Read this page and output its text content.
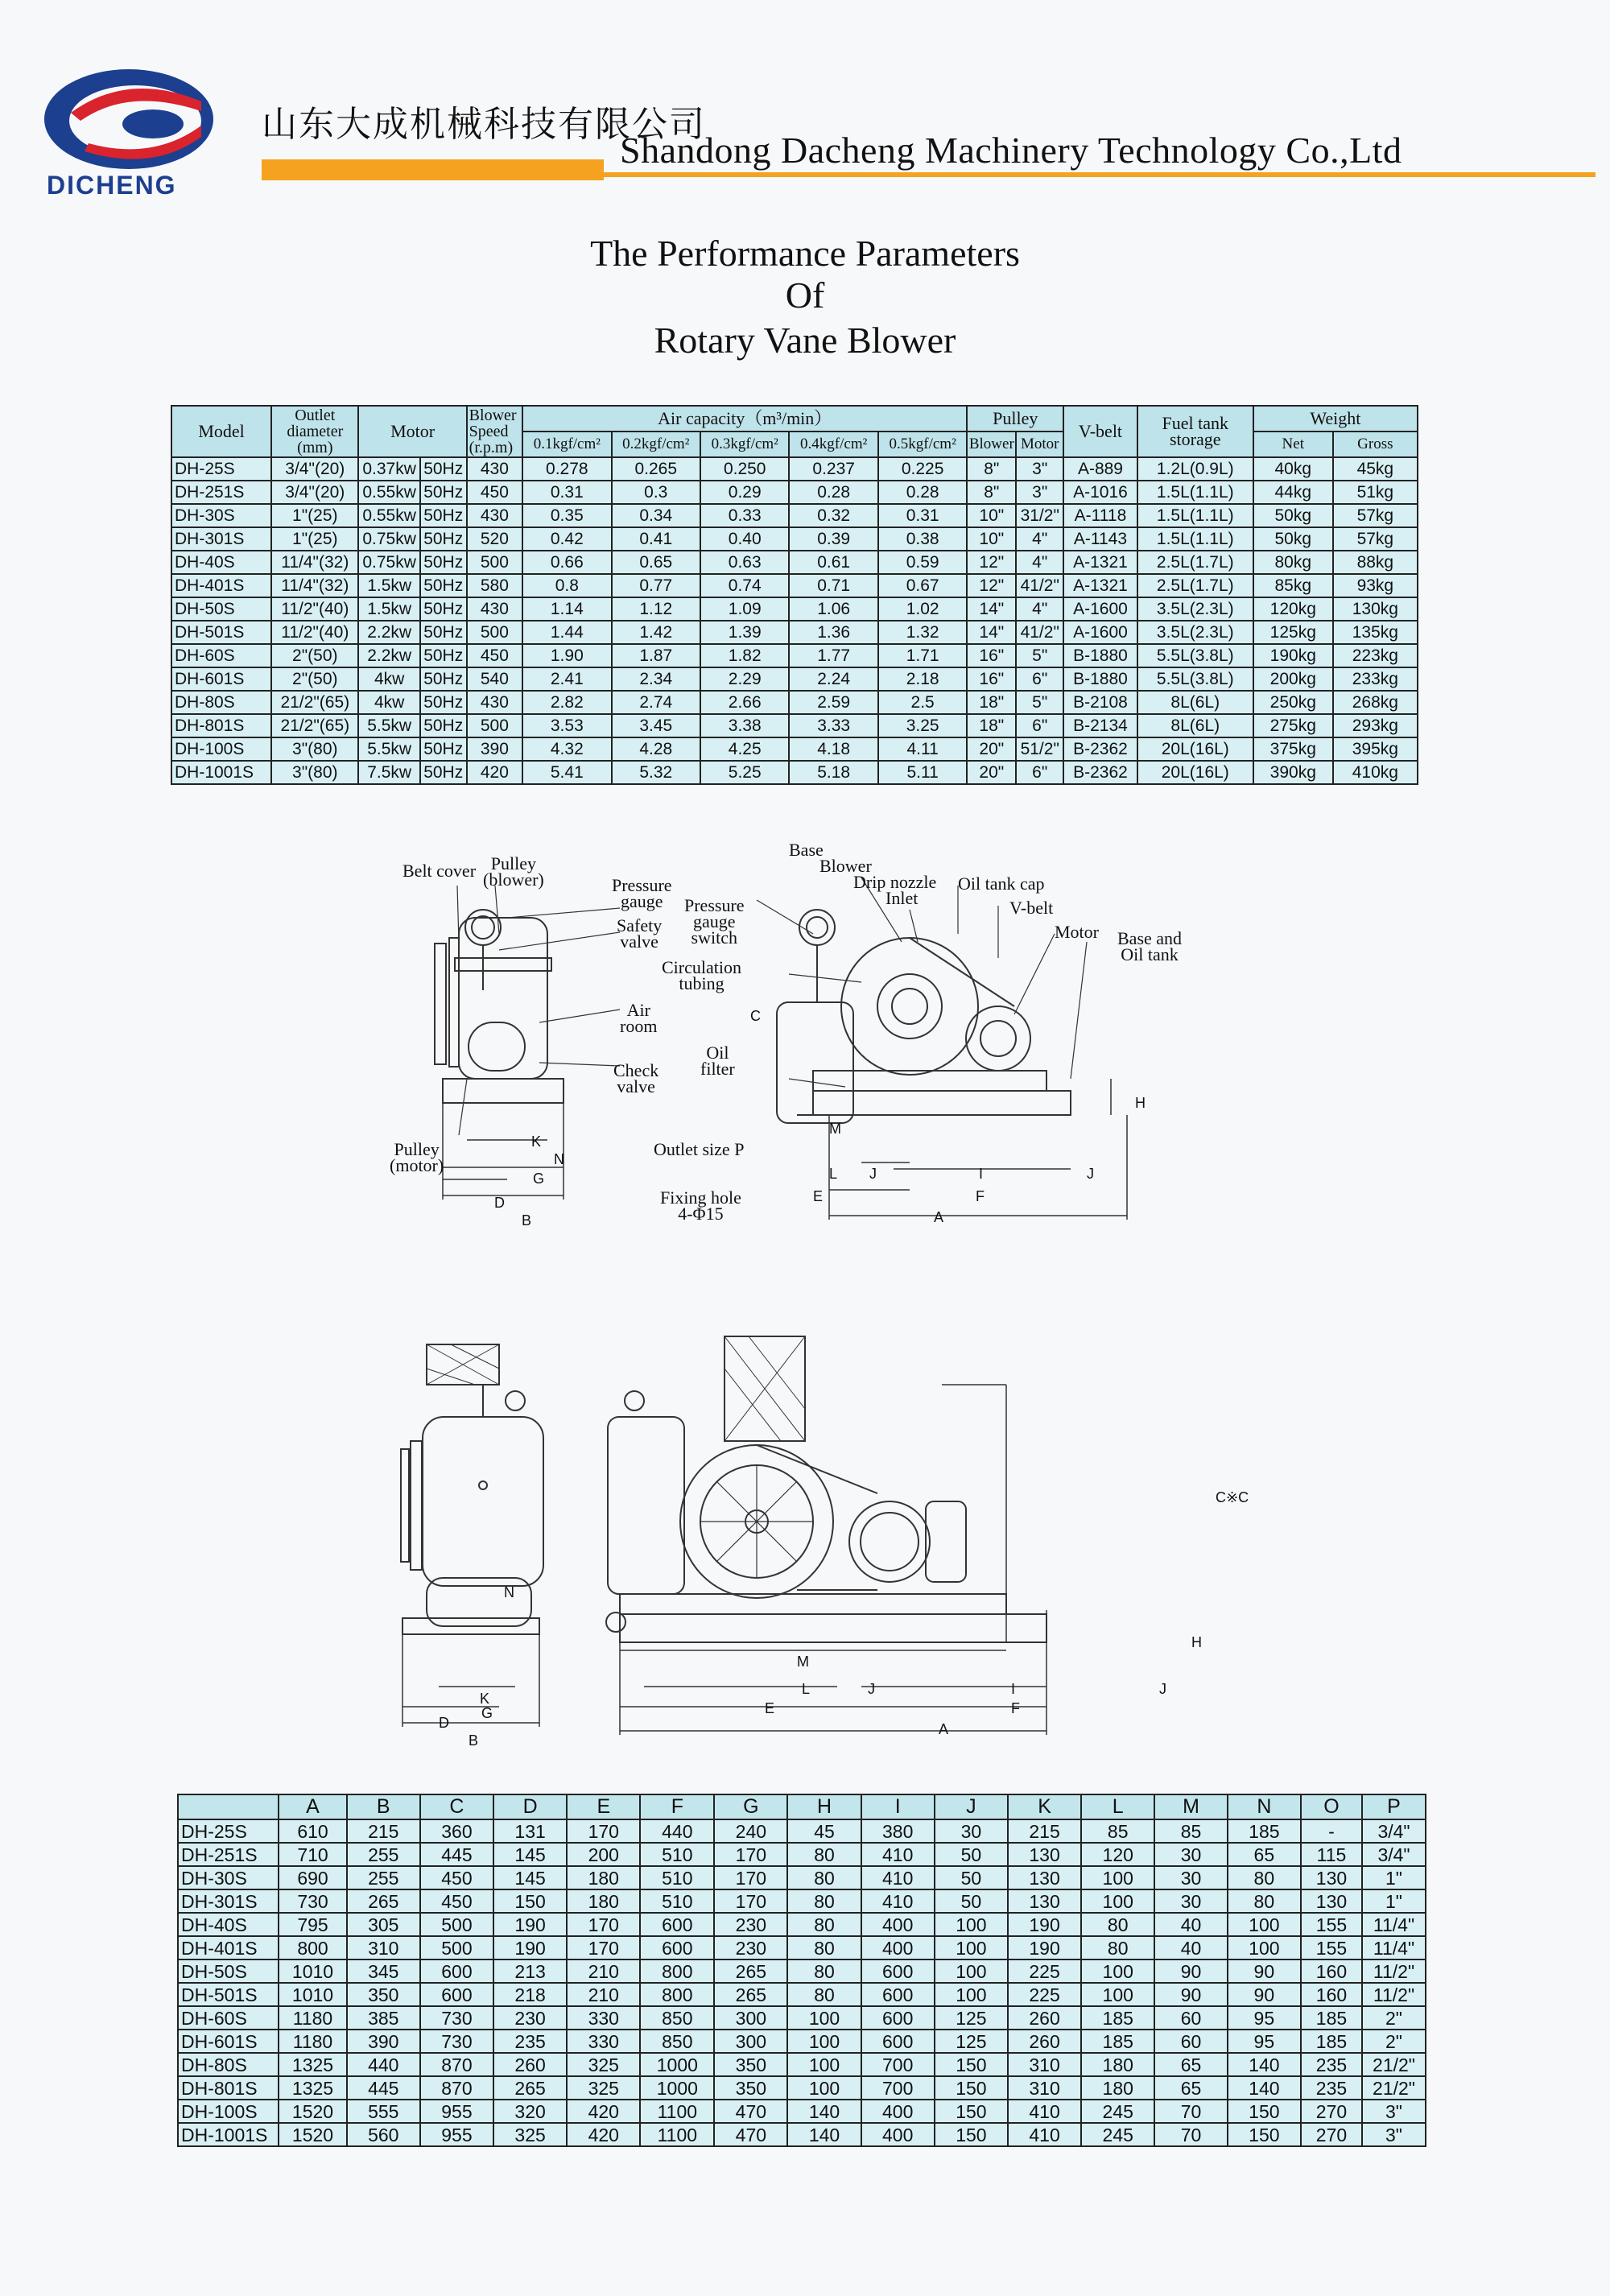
DICHENG
山东大成机械科技有限公司
Shandong Dacheng Machinery Technology Co.,Ltd
The Performance Parameters
Of
Rotary Vane Blower
Model	Outlet
diameter
(mm)	Motor		Blower
Speed
(r.p.m)	Air capacity（m³/min）					Pulley		V-belt	Fuel tank
storage	Weight	
					0.1kgf/cm²	0.2kgf/cm²	0.3kgf/cm²	0.4kgf/cm²	0.5kgf/cm²	Blower	Motor			Net	Gross
DH-25S	3/4"(20)	0.37kw	50Hz	430	0.278	0.265	0.250	0.237	0.225	8"	3"	A-889	1.2L(0.9L)	40kg	45kg
DH-251S	3/4"(20)	0.55kw	50Hz	450	0.31	0.3	0.29	0.28	0.28	8"	3"	A-1016	1.5L(1.1L)	44kg	51kg
DH-30S	1"(25)	0.55kw	50Hz	430	0.35	0.34	0.33	0.32	0.31	10"	31/2"	A-1118	1.5L(1.1L)	50kg	57kg
DH-301S	1"(25)	0.75kw	50Hz	520	0.42	0.41	0.40	0.39	0.38	10"	4"	A-1143	1.5L(1.1L)	50kg	57kg
DH-40S	11/4"(32)	0.75kw	50Hz	500	0.66	0.65	0.63	0.61	0.59	12"	4"	A-1321	2.5L(1.7L)	80kg	88kg
DH-401S	11/4"(32)	1.5kw	50Hz	580	0.8	0.77	0.74	0.71	0.67	12"	41/2"	A-1321	2.5L(1.7L)	85kg	93kg
DH-50S	11/2"(40)	1.5kw	50Hz	430	1.14	1.12	1.09	1.06	1.02	14"	4"	A-1600	3.5L(2.3L)	120kg	130kg
DH-501S	11/2"(40)	2.2kw	50Hz	500	1.44	1.42	1.39	1.36	1.32	14"	41/2"	A-1600	3.5L(2.3L)	125kg	135kg
DH-60S	2"(50)	2.2kw	50Hz	450	1.90	1.87	1.82	1.77	1.71	16"	5"	B-1880	5.5L(3.8L)	190kg	223kg
DH-601S	2"(50)	4kw	50Hz	540	2.41	2.34	2.29	2.24	2.18	16"	6"	B-1880	5.5L(3.8L)	200kg	233kg
DH-80S	21/2"(65)	4kw	50Hz	430	2.82	2.74	2.66	2.59	2.5	18"	5"	B-2108	8L(6L)	250kg	268kg
DH-801S	21/2"(65)	5.5kw	50Hz	500	3.53	3.45	3.38	3.33	3.25	18"	6"	B-2134	8L(6L)	275kg	293kg
DH-100S	3"(80)	5.5kw	50Hz	390	4.32	4.28	4.25	4.18	4.11	20"	51/2"	B-2362	20L(16L)	375kg	395kg
DH-1001S	3"(80)	7.5kw	50Hz	420	5.41	5.32	5.25	5.18	5.11	20"	6"	B-2362	20L(16L)	390kg	410kg
Belt cover Pulley
(blower)	Pressure
gauge
Safety
valve
Pressure
gauge
switch
Air
room
Check
valve
Pulley
(motor)
Circulation
tubing
Oil
filter
Outlet size P
Fixing hole
4-Φ15
Base
Blower
Drip nozzle
Inlet
Oil tank cap
V-belt
Motor Base and
Oil tank
K
N
G
D
B
L J	I	J
E	F
A
H
C
M
K
G
D
B
N
L	J	I	J
E	F
A
H
M
C※C
	A	B	C	D	E	F	G	H	I	J	K	L	M	N	O	P
DH-25S	610	215	360	131	170	440	240	45	380	30	215	85	85	185	-	3/4"
DH-251S	710	255	445	145	200	510	170	80	410	50	130	120	30	65	115	3/4"
DH-30S	690	255	450	145	180	510	170	80	410	50	130	100	30	80	130	1"
DH-301S	730	265	450	150	180	510	170	80	410	50	130	100	30	80	130	1"
DH-40S	795	305	500	190	170	600	230	80	400	100	190	80	40	100	155	11/4"
DH-401S	800	310	500	190	170	600	230	80	400	100	190	80	40	100	155	11/4"
DH-50S	1010	345	600	213	210	800	265	80	600	100	225	100	90	90	160	11/2"
DH-501S	1010	350	600	218	210	800	265	80	600	100	225	100	90	90	160	11/2"
DH-60S	1180	385	730	230	330	850	300	100	600	125	260	185	60	95	185	2"
DH-601S	1180	390	730	235	330	850	300	100	600	125	260	185	60	95	185	2"
DH-80S	1325	440	870	260	325	1000	350	100	700	150	310	180	65	140	235	21/2"
DH-801S	1325	445	870	265	325	1000	350	100	700	150	310	180	65	140	235	21/2"
DH-100S	1520	555	955	320	420	1100	470	140	400	150	410	245	70	150	270	3"
DH-1001S	1520	560	955	325	420	1100	470	140	400	150	410	245	70	150	270	3"
